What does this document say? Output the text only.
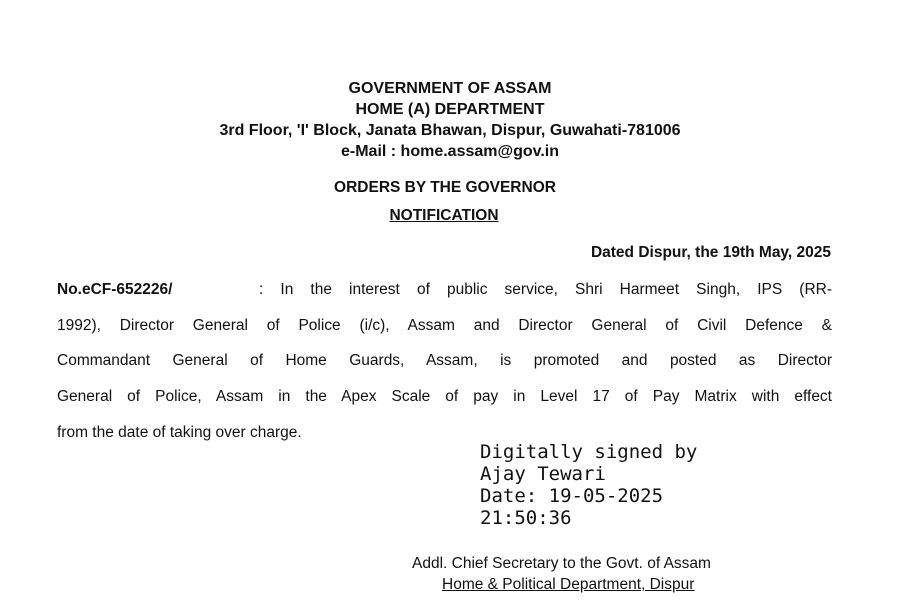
GOVERNMENT OF ASSAM
HOME (A) DEPARTMENT
3rd Floor, 'I' Block, Janata Bhawan, Dispur, Guwahati-781006
e-Mail : home.assam@gov.in
ORDERS BY THE GOVERNOR
NOTIFICATION
Dated Dispur, the 19th May, 2025
No.eCF-652226/	: In the interest of public service, Shri Harmeet Singh, IPS (RR-
1992), Director General of Police (i/c), Assam and Director General of Civil Defence &
Commandant General of Home Guards, Assam, is promoted and posted as Director
General of Police, Assam in the Apex Scale of pay in Level 17 of Pay Matrix with effect
from the date of taking over charge.
Digitally signed by
Ajay Tewari
Date: 19-05-2025
21:50:36
Addl. Chief Secretary to the Govt. of Assam
Home & Political Department, Dispur
